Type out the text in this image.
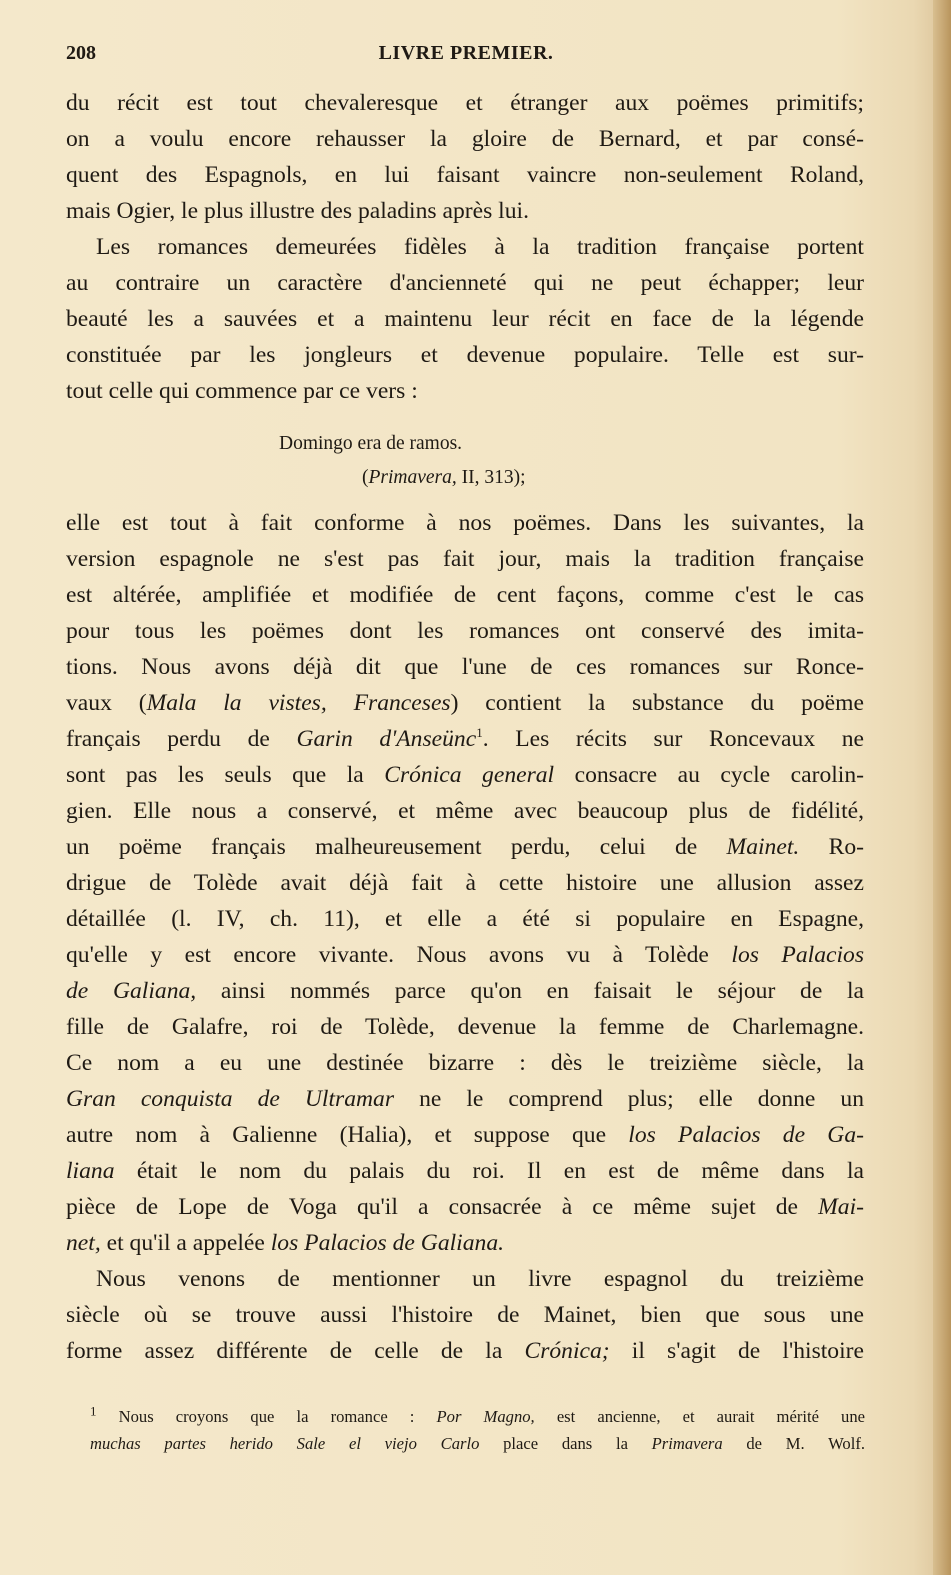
208	LIVRE PREMIER.
du récit est tout chevaleresque et étranger aux poëmes primitifs;
on a voulu encore rehausser la gloire de Bernard, et par consé-
quent des Espagnols, en lui faisant vaincre non-seulement Roland,
mais Ogier, le plus illustre des paladins après lui.
Les romances demeurées fidèles à la tradition française portent
au contraire un caractère d'ancienneté qui ne peut échapper; leur
beauté les a sauvées et a maintenu leur récit en face de la légende
constituée par les jongleurs et devenue populaire. Telle est sur-
tout celle qui commence par ce vers :
Domingo era de ramos.
(Primavera, II, 313);
elle est tout à fait conforme à nos poëmes. Dans les suivantes, la
version espagnole ne s'est pas fait jour, mais la tradition française
est altérée, amplifiée et modifiée de cent façons, comme c'est le cas
pour tous les poëmes dont les romances ont conservé des imita-
tions. Nous avons déjà dit que l'une de ces romances sur Ronce-
vaux (Mala la vistes, Franceses) contient la substance du poëme
français perdu de Garin d'Anseünc$^1$. Les récits sur Roncevaux ne
sont pas les seuls que la Crónica general consacre au cycle carolin-
gien. Elle nous a conservé, et même avec beaucoup plus de fidélité,
un poëme français malheureusement perdu, celui de Mainet. Ro-
drigue de Tolède avait déjà fait à cette histoire une allusion assez
détaillée (l. IV, ch. 11), et elle a été si populaire en Espagne,
qu'elle y est encore vivante. Nous avons vu à Tolède los Palacios
de Galiana, ainsi nommés parce qu'on en faisait le séjour de la
fille de Galafre, roi de Tolède, devenue la femme de Charlemagne.
Ce nom a eu une destinée bizarre : dès le treizième siècle, la
Gran conquista de Ultramar ne le comprend plus; elle donne un
autre nom à Galienne (Halia), et suppose que los Palacios de Ga-
liana était le nom du palais du roi. Il en est de même dans la
pièce de Lope de Voga qu'il a consacrée à ce même sujet de Mai-
net, et qu'il a appelée los Palacios de Galiana.
Nous venons de mentionner un livre espagnol du treizième
siècle où se trouve aussi l'histoire de Mainet, bien que sous une
forme assez différente de celle de la Crónica; il s'agit de l'histoire
$^1$ Nous croyons que la romance : Por Magno, est ancienne, et aurait mérité une
muchas partes herido Sale el viejo Carlo place dans la Primavera de M. Wolf.
